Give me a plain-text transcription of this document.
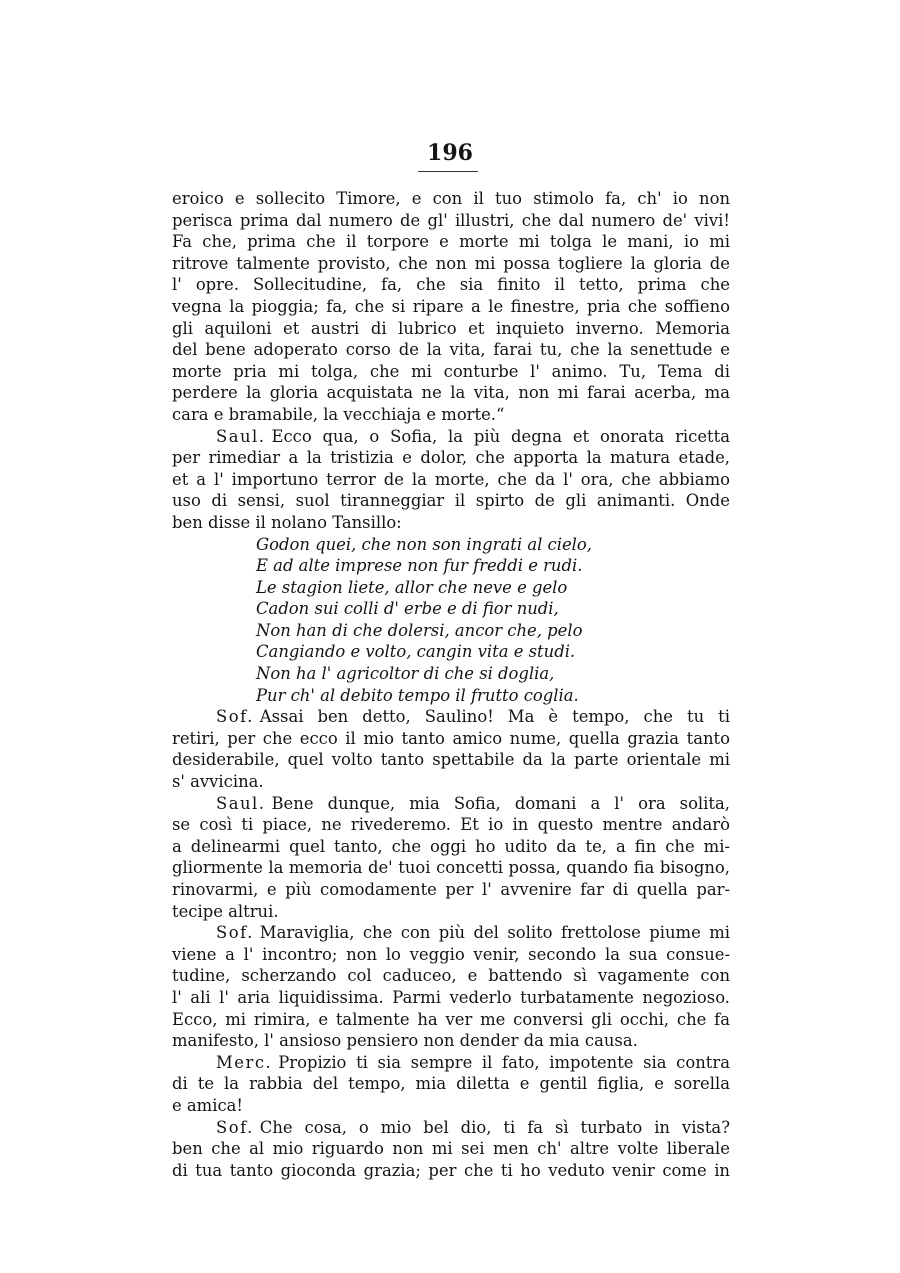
196
eroico e sollecito Timore, e con il tuo stimolo fa, ch' io non
perisca prima dal numero de gl' illustri, che dal numero de' vivi!
Fa che, prima che il torpore e morte mi tolga le mani, io mi
ritrove talmente provisto, che non mi possa togliere la gloria de
l' opre. Sollecitudine, fa, che sia finito il tetto, prima che
vegna la pioggia; fa, che si ripare a le finestre, pria che soffieno
gli aquiloni et austri di lubrico et inquieto inverno. Memoria
del bene adoperato corso de la vita, farai tu, che la senettude e
morte pria mi tolga, che mi conturbe l' animo. Tu, Tema di
perdere la gloria acquistata ne la vita, non mi farai acerba, ma
cara e bramabile, la vecchiaja e morte.“
Saul. Ecco qua, o Sofia, la più degna et onorata ricetta
per rimediar a la tristizia e dolor, che apporta la matura etade,
et a l' importuno terror de la morte, che da l' ora, che abbiamo
uso di sensi, suol tiranneggiar il spirto de gli animanti. Onde
ben disse il nolano Tansillo:
Godon quei, che non son ingrati al cielo,
E ad alte imprese non fur freddi e rudi.
Le stagion liete, allor che neve e gelo
Cadon sui colli d' erbe e di fior nudi,
Non han di che dolersi, ancor che, pelo
Cangiando e volto, cangin vita e studi.
Non ha l' agricoltor di che si doglia,
Pur ch' al debito tempo il frutto coglia.
Sof. Assai ben detto, Saulino! Ma è tempo, che tu ti
retiri, per che ecco il mio tanto amico nume, quella grazia tanto
desiderabile, quel volto tanto spettabile da la parte orientale mi
s' avvicina.
Saul. Bene dunque, mia Sofia, domani a l' ora solita,
se così ti piace, ne rivederemo. Et io in questo mentre andarò
a delinearmi quel tanto, che oggi ho udito da te, a fin che mi-
gliormente la memoria de' tuoi concetti possa, quando fia bisogno,
rinovarmi, e più comodamente per l' avvenire far di quella par-
tecipe altrui.
Sof. Maraviglia, che con più del solito frettolose piume mi
viene a l' incontro; non lo veggio venir, secondo la sua consue-
tudine, scherzando col caduceo, e battendo sì vagamente con
l' ali l' aria liquidissima. Parmi vederlo turbatamente negozioso.
Ecco, mi rimira, e talmente ha ver me conversi gli occhi, che fa
manifesto, l' ansioso pensiero non dender da mia causa.
Merc. Propizio ti sia sempre il fato, impotente sia contra
di te la rabbia del tempo, mia diletta e gentil figlia, e sorella
e amica!
Sof. Che cosa, o mio bel dio, ti fa sì turbato in vista?
ben che al mio riguardo non mi sei men ch' altre volte liberale
di tua tanto gioconda grazia; per che ti ho veduto venir come in
